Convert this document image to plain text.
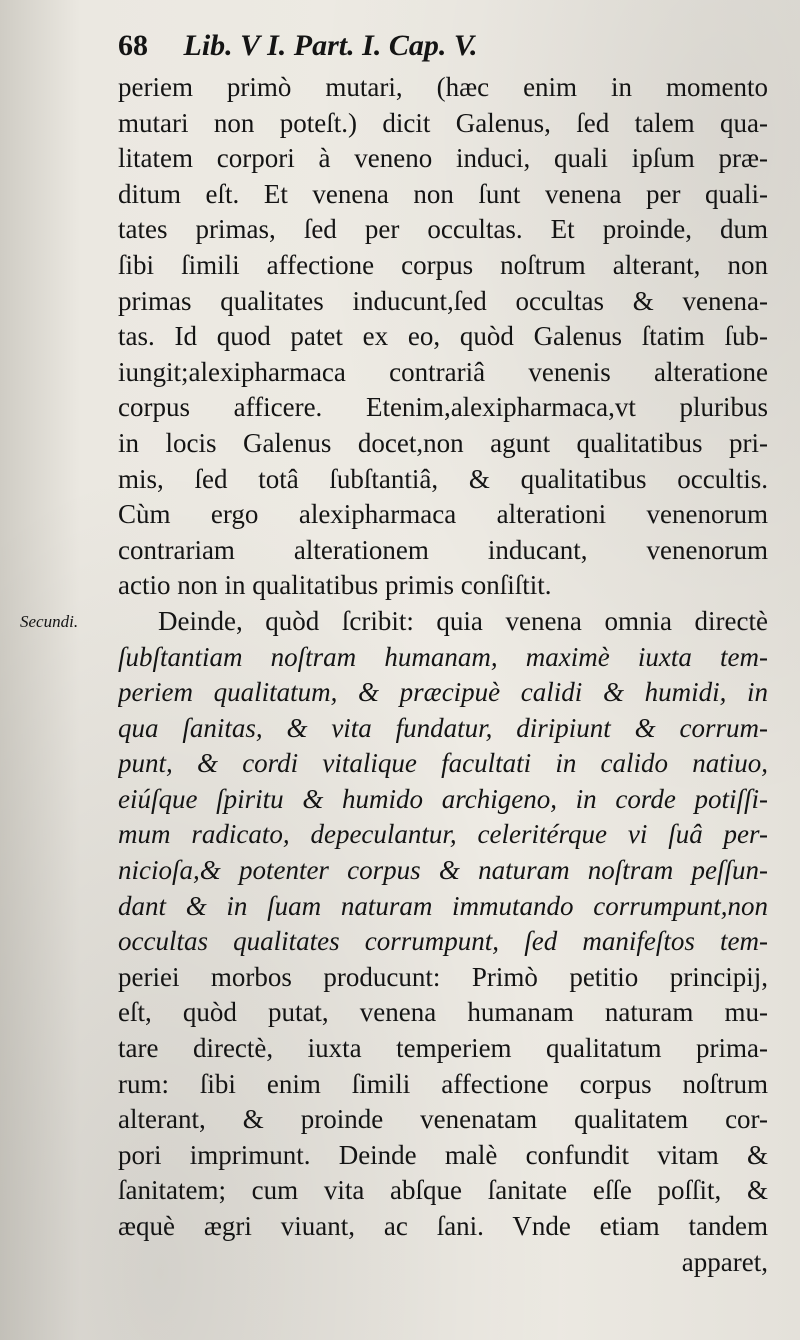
68 Lib. V I. Part. I. Cap. V.
Secundi.
periem primò mutari, (hæc enim in momento
mutari non poteſt.) dicit Galenus, ſed talem qua-
litatem corpori à veneno induci, quali ipſum præ-
ditum eſt. Et venena non ſunt venena per quali-
tates primas, ſed per occultas. Et proinde, dum
ſibi ſimili affectione corpus noſtrum alterant, non
primas qualitates inducunt,ſed occultas & venena-
tas. Id quod patet ex eo, quòd Galenus ſtatim ſub-
iungit;alexipharmaca contrariâ venenis alteratione
corpus afficere. Etenim,alexipharmaca,vt pluribus
in locis Galenus docet,non agunt qualitatibus pri-
mis, ſed totâ ſubſtantiâ, & qualitatibus occultis.
Cùm ergo alexipharmaca alterationi venenorum
contrariam alterationem inducant, venenorum
actio non in qualitatibus primis conſiſtit.
Deinde, quòd ſcribit: quia venena omnia directè
ſubſtantiam noſtram humanam, maximè iuxta tem-
periem qualitatum, & præcipuè calidi & humidi, in
qua ſanitas, & vita fundatur, diripiunt & corrum-
punt, & cordi vitalique facultati in calido natiuo,
eiúſque ſpiritu & humido archigeno, in corde potiſſi-
mum radicato, depeculantur, celeritérque vi ſuâ per-
nicioſa,& potenter corpus & naturam noſtram peſſun-
dant & in ſuam naturam immutando corrumpunt,non
occultas qualitates corrumpunt, ſed manifeſtos tem-
periei morbos producunt: Primò petitio principij,
eſt, quòd putat, venena humanam naturam mu-
tare directè, iuxta temperiem qualitatum prima-
rum: ſibi enim ſimili affectione corpus noſtrum
alterant, & proinde venenatam qualitatem cor-
pori imprimunt. Deinde malè confundit vitam &
ſanitatem; cum vita abſque ſanitate eſſe poſſit, &
æquè ægri viuant, ac ſani. Vnde etiam tandem
apparet,
